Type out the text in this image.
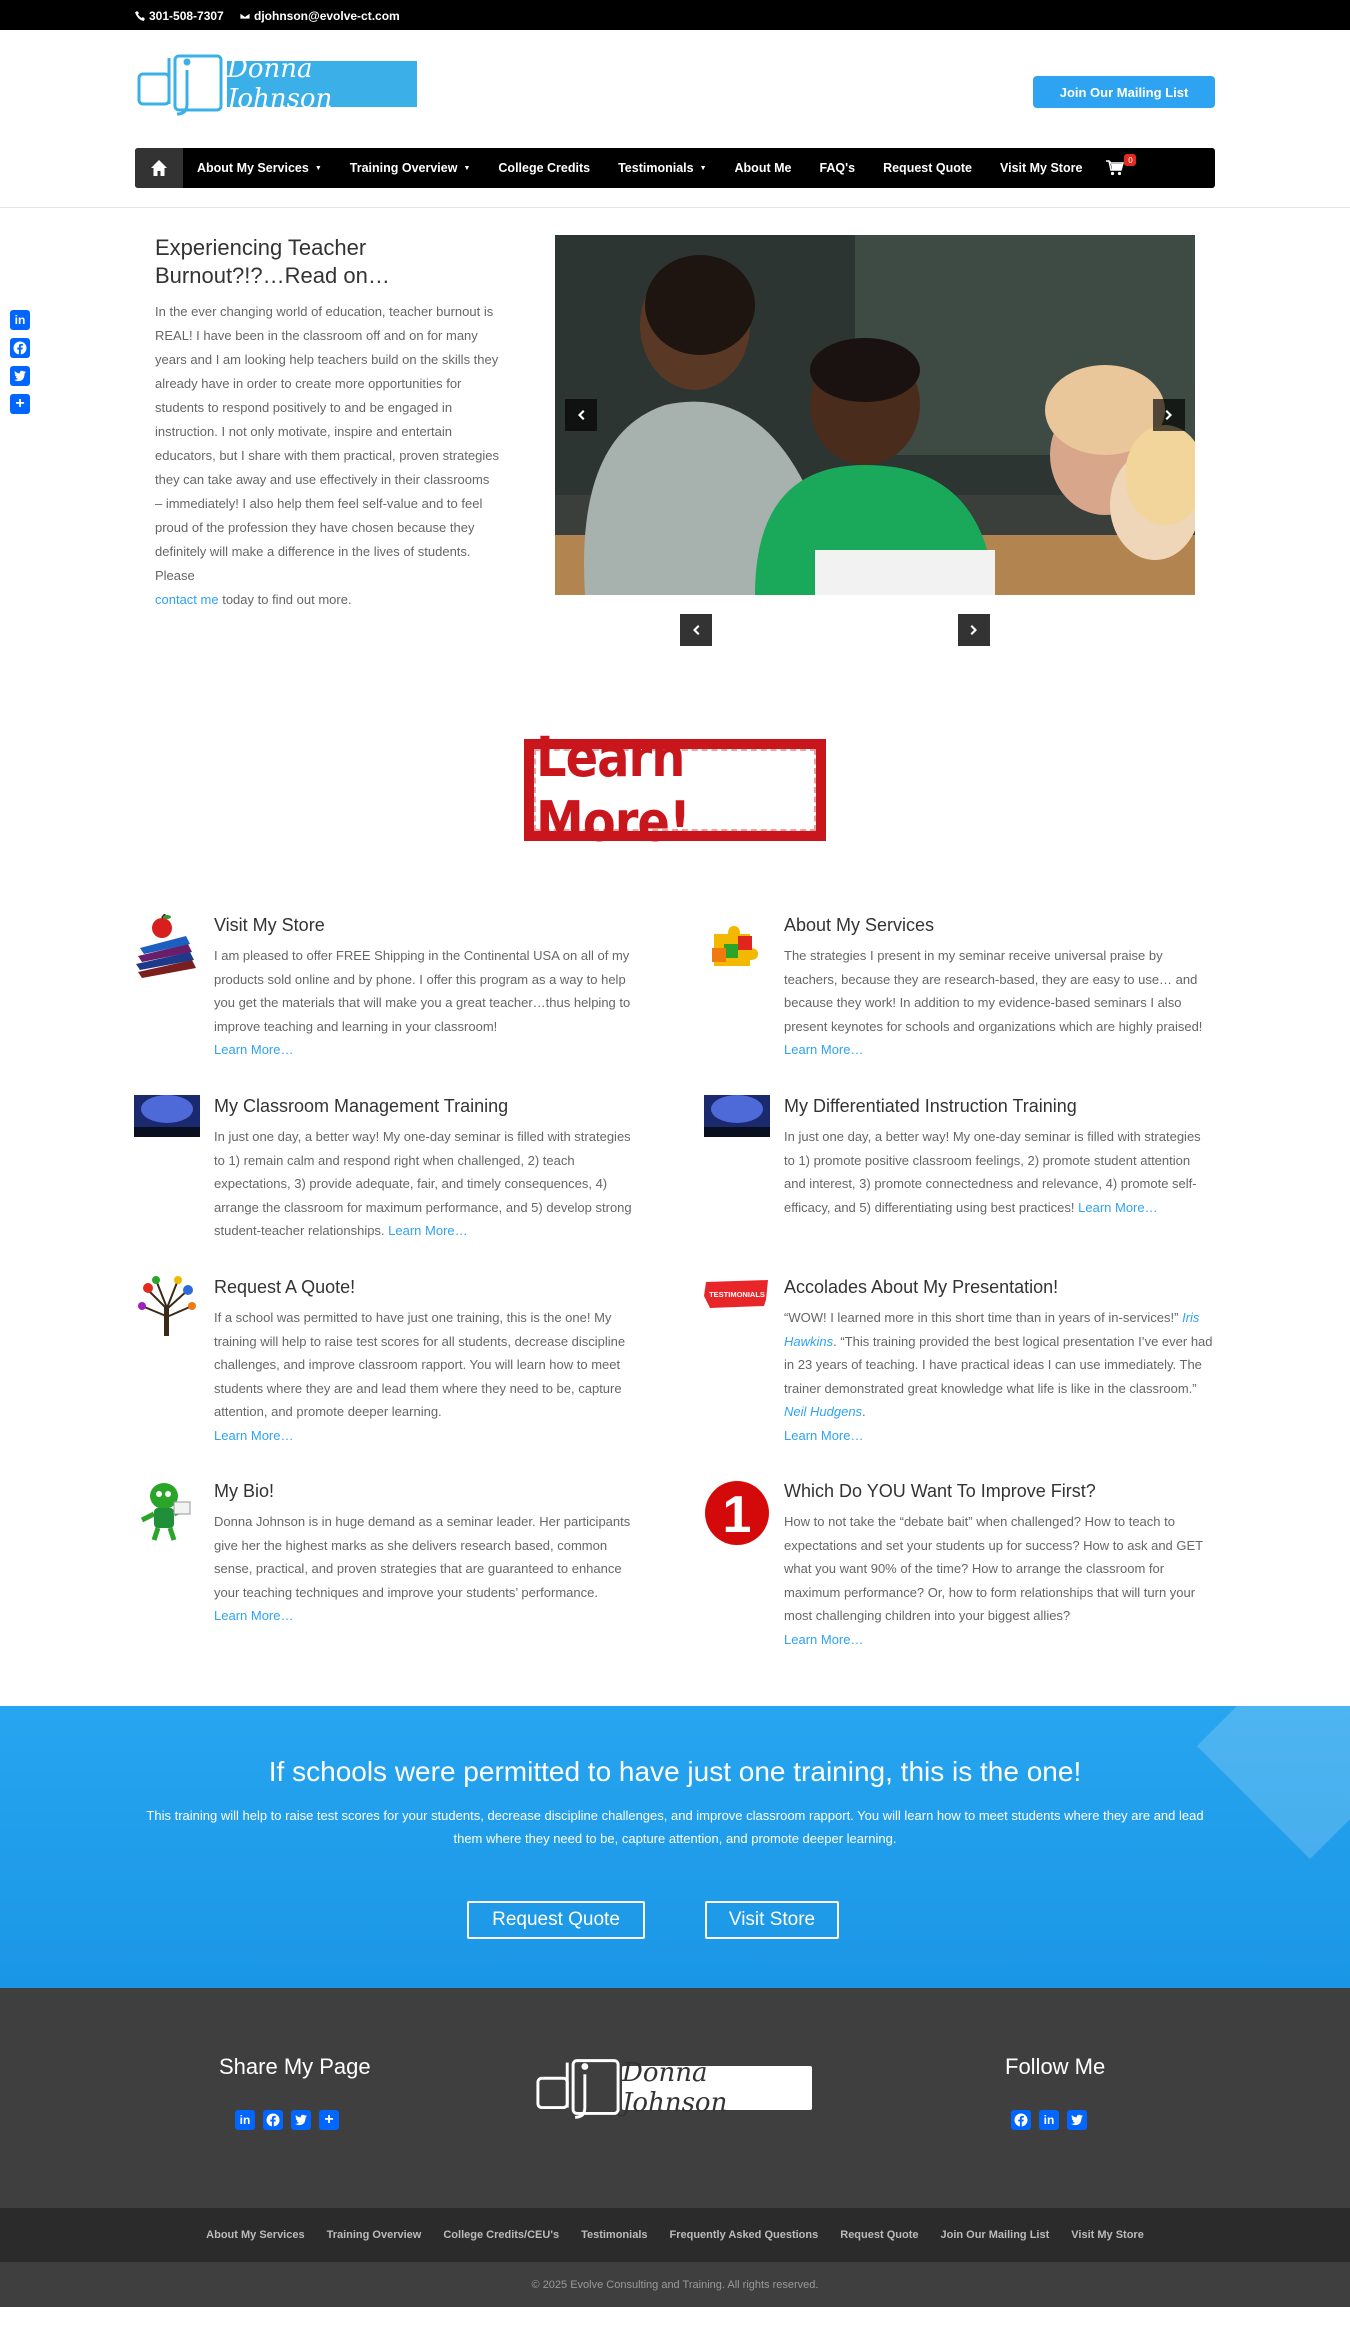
301-508-7307	djohnson@evolve-ct.com
Donna Johnson	Join Our Mailing List
About My Services ▼ Training Overview ▼ College Credits Testimonials ▼ About Me FAQ's Request Quote Visit My Store
0
in
+
Experiencing Teacher Burnout?!?…Read on…
In the ever changing world of education, teacher burnout is REAL! I have been in the classroom off and on for many years and I am looking help teachers build on the skills they already have in order to create more opportunities for students to respond positively to and be engaged in instruction. I not only motivate, inspire and entertain educators, but I share with them practical, proven strategies they can take away and use effectively in their classrooms – immediately! I also help them feel self-value and to feel proud of the profession they have chosen because they definitely will make a difference in the lives of students. Please
contact me today to find out more.
Learn More!
Visit My Store

I am pleased to offer FREE Shipping in the Continental USA on all of my products sold online and by phone. I offer this program as a way to help you get the materials that will make you a great teacher…thus helping to improve teaching and learning in your classroom!
Learn More…

About My Services

The strategies I present in my seminar receive universal praise by teachers, because they are research-based, they are easy to use… and because they work! In addition to my evidence-based seminars I also present keynotes for schools and organizations which are highly praised! Learn More…

My Classroom Management Training

In just one day, a better way! My one-day seminar is filled with strategies to 1) remain calm and respond right when challenged, 2) teach expectations, 3) provide adequate, fair, and timely consequences, 4) arrange the classroom for maximum performance, and 5) develop strong student-teacher relationships. Learn More…

My Differentiated Instruction Training

In just one day, a better way! My one-day seminar is filled with strategies to 1) promote positive classroom feelings, 2) promote student attention and interest, 3) promote connectedness and relevance, 4) promote self-efficacy, and 5) differentiating using best practices! Learn More…

Request A Quote!

If a school was permitted to have just one training, this is the one! My training will help to raise test scores for all students, decrease discipline challenges, and improve classroom rapport. You will learn how to meet students where they are and lead them where they need to be, capture attention, and promote deeper learning.
Learn More…

TESTIMONIALS Accolades About My Presentation!

“WOW! I learned more in this short time than in years of in-services!” Iris Hawkins. “This training provided the best logical presentation I’ve ever had in 23 years of teaching. I have practical ideas I can use immediately. The trainer demonstrated great knowledge what life is like in the classroom.” Neil Hudgens.
Learn More…

My Bio!

Donna Johnson is in huge demand as a seminar leader. Her participants give her the highest marks as she delivers research based, common sense, practical, and proven strategies that are guaranteed to enhance your teaching techniques and improve your students’ performance.
Learn More…

1 Which Do YOU Want To Improve First?

How to not take the “debate bait” when challenged? How to teach to expectations and set your students up for success? How to ask and GET what you want 90% of the time? How to arrange the classroom for maximum performance? Or, how to form relationships that will turn your most challenging children into your biggest allies?
Learn More…

If schools were permitted to have just one training, this is the one!

This training will help to raise test scores for your students, decrease discipline challenges, and improve classroom rapport. You will learn how to meet students where they are and lead them where they need to be, capture attention, and promote deeper learning.

Request Quote	Visit Store
Share My Page
in	+
Donna Johnson
Follow Me
in
About My Services Training Overview College Credits/CEU's Testimonials Frequently Asked Questions Request Quote Join Our Mailing List Visit My Store
© 2025 Evolve Consulting and Training. All rights reserved.
